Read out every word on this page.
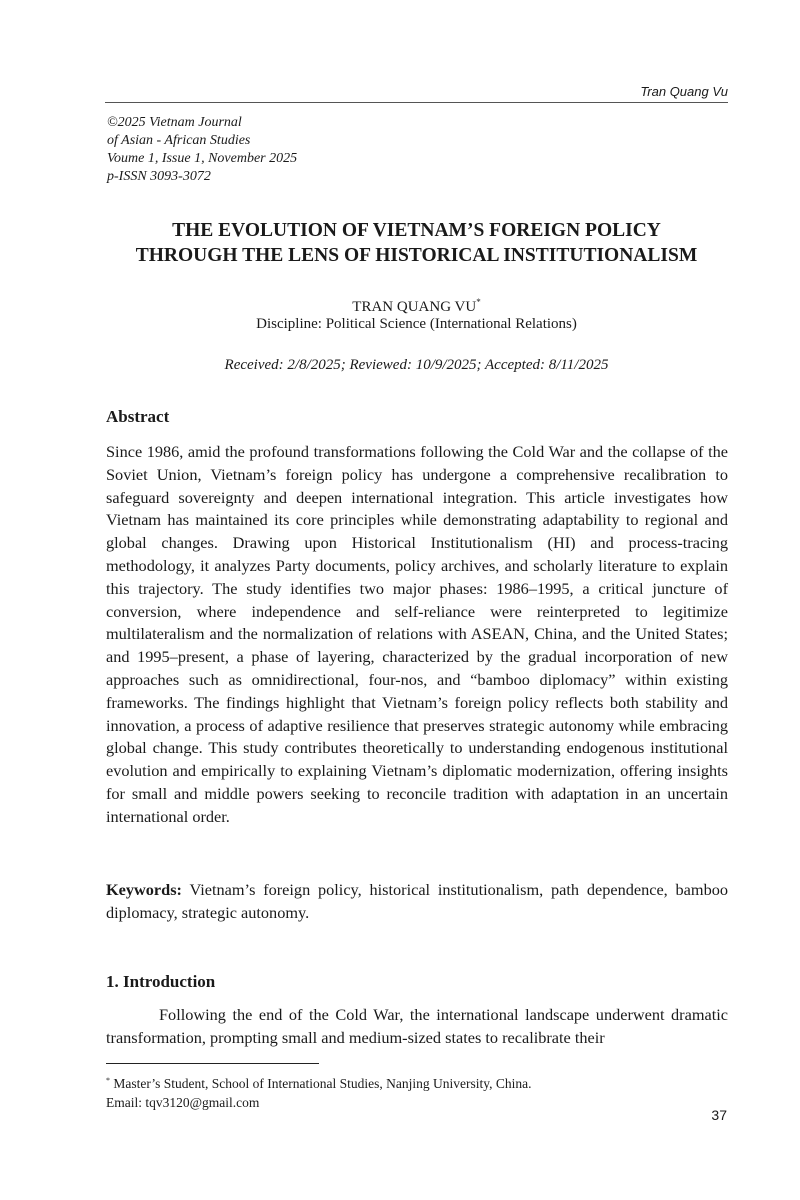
Tran Quang Vu
©2025 Vietnam Journal
of Asian - African Studies
Voume 1, Issue 1, November 2025
p-ISSN 3093-3072
THE EVOLUTION OF VIETNAM’S FOREIGN POLICY
THROUGH THE LENS OF HISTORICAL INSTITUTIONALISM
TRAN QUANG VU*
Discipline: Political Science (International Relations)
Received: 2/8/2025; Reviewed: 10/9/2025; Accepted: 8/11/2025
Abstract
Since 1986, amid the profound transformations following the Cold War and the collapse of the Soviet Union, Vietnam’s foreign policy has undergone a comprehensive recalibration to safeguard sovereignty and deepen international integration. This article investigates how Vietnam has maintained its core principles while demonstrating adaptability to regional and global changes. Drawing upon Historical Institutionalism (HI) and process-tracing methodology, it analyzes Party documents, policy archives, and scholarly literature to explain this trajectory. The study identifies two major phases: 1986–1995, a critical juncture of conversion, where independence and self-reliance were reinterpreted to legitimize multilateralism and the normalization of relations with ASEAN, China, and the United States; and 1995–present, a phase of layering, characterized by the gradual incorporation of new approaches such as omnidirectional, four-nos, and “bamboo diplomacy” within existing frameworks. The findings highlight that Vietnam’s foreign policy reflects both stability and innovation, a process of adaptive resilience that preserves strategic autonomy while embracing global change. This study contributes theoretically to understanding endogenous institutional evolution and empirically to explaining Vietnam’s diplomatic modernization, offering insights for small and middle powers seeking to reconcile tradition with adaptation in an uncertain international order.
Keywords: Vietnam’s foreign policy, historical institutionalism, path dependence, bamboo diplomacy, strategic autonomy.
1. Introduction
Following the end of the Cold War, the international landscape underwent dramatic transformation, prompting small and medium-sized states to recalibrate their
* Master’s Student, School of International Studies, Nanjing University, China.
Email: tqv3120@gmail.com
37
